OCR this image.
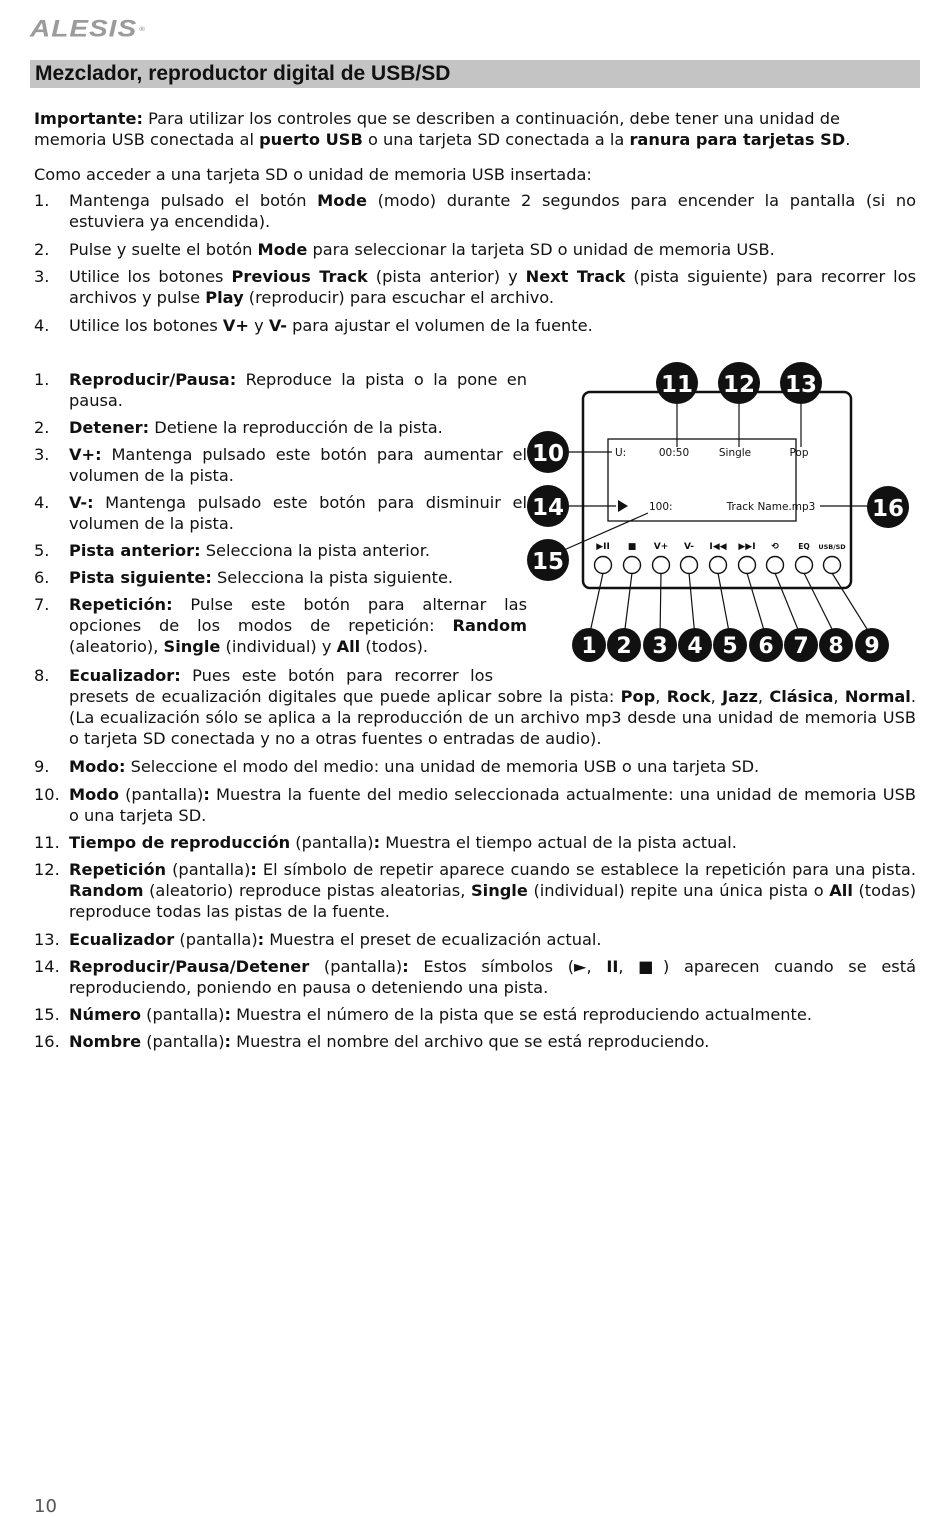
ALESIS ®
Mezclador, reproductor digital de USB/SD

Importante: Para utilizar los controles que se describen a continuación, debe tener una unidad de memoria USB conectada al puerto USB o una tarjeta SD conectada a la ranura para tarjetas SD.

Como acceder a una tarjeta SD o unidad de memoria USB insertada:

1.	Mantenga pulsado el botón Mode (modo) durante 2 segundos para encender la pantalla (si no estuviera ya encendida).
2.	Pulse y suelte el botón Mode para seleccionar la tarjeta SD o unidad de memoria USB.
3.	Utilice los botones Previous Track (pista anterior) y Next Track (pista siguiente) para recorrer los archivos y pulse Play (reproducir) para escuchar el archivo.
4.	Utilice los botones V+ y V- para ajustar el volumen de la fuente.
1.	Reproducir/Pausa: Reproduce la pista o la pone en pausa.
2.	Detener: Detiene la reproducción de la pista.
3.	V+: Mantenga pulsado este botón para aumentar el volumen de la pista.
4.	V-: Mantenga pulsado este botón para disminuir el volumen de la pista.
5.	Pista anterior: Selecciona la pista anterior.
6.	Pista siguiente: Selecciona la pista siguiente.
7.	Repetición: Pulse este botón para alternar las opciones de los modos de repetición: Random (aleatorio), Single (individual) y All (todos).
8.	Ecualizador: Pues este botón para recorrer los
presets de ecualización digitales que puede aplicar sobre la pista: Pop, Rock, Jazz, Clásica, Normal. (La ecualización sólo se aplica a la reproducción de un archivo mp3 desde una unidad de memoria USB o tarjeta SD conectada y no a otras fuentes o entradas de audio).
9.	Modo: Seleccione el modo del medio: una unidad de memoria USB o una tarjeta SD.
10. Modo (pantalla): Muestra la fuente del medio seleccionada actualmente: una unidad de memoria USB o una tarjeta SD.
11. Tiempo de reproducción (pantalla): Muestra el tiempo actual de la pista actual.
12. Repetición (pantalla): El símbolo de repetir aparece cuando se establece la repetición para una pista. Random (aleatorio) reproduce pistas aleatorias, Single (individual) repite una única pista o All (todas) reproduce todas las pistas de la fuente.
13. Ecualizador (pantalla): Muestra el preset de ecualización actual.
14. Reproducir/Pausa/Detener (pantalla): Estos símbolos (►, II, ■) aparecen cuando se está reproduciendo, poniendo en pausa o deteniendo una pista.
15. Número (pantalla): Muestra el número de la pista que se está reproduciendo actualmente.
16. Nombre (pantalla): Muestra el nombre del archivo que se está reproduciendo.
U:	00:50	Single	Pop
100:	Track Name.mp3
▶II ■ V+ V- I◀◀ ▶▶I ⟲	EQ USB/SD
11 12 13
10
14
15
16
1 2 3 4 5 6 7 8 9
10
